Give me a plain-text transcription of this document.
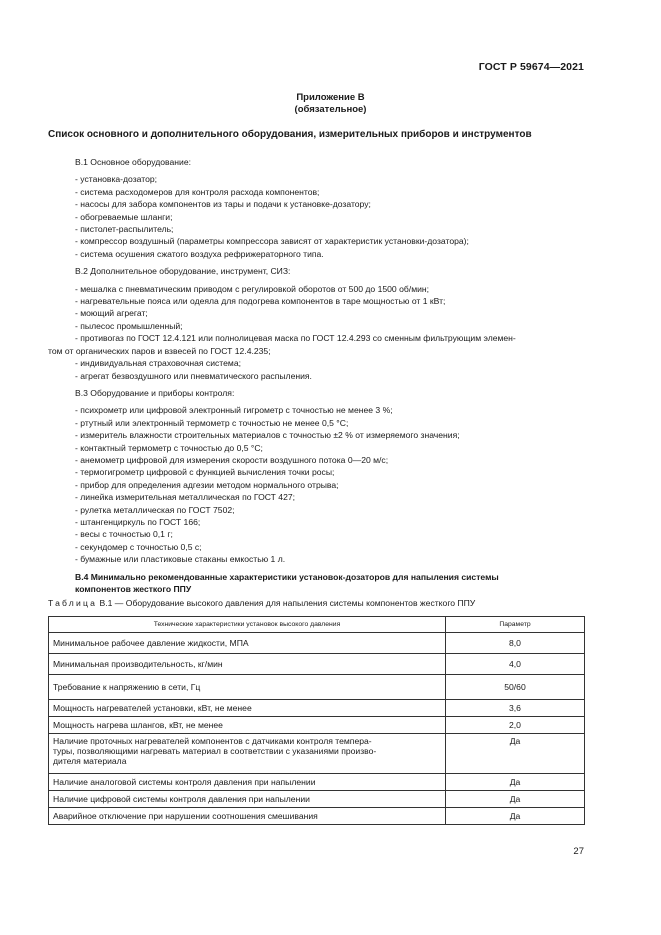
ГОСТ Р 59674—2021
Приложение В
(обязательное)
Список основного и дополнительного оборудования, измерительных приборов и инструментов

В.1 Основное оборудование:

- установка-дозатор;

- система расходомеров для контроля расхода компонентов;

- насосы для забора компонентов из тары и подачи к установке-дозатору;

- обогреваемые шланги;

- пистолет-распылитель;

- компрессор воздушный (параметры компрессора зависят от характеристик установки-дозатора);

- система осушения сжатого воздуха рефрижераторного типа.

В.2 Дополнительное оборудование, инструмент, СИЗ:

- мешалка с пневматическим приводом с регулировкой оборотов от 500 до 1500 об/мин;

- нагревательные пояса или одеяла для подогрева компонентов в таре мощностью от 1 кВт;

- моющий агрегат;

- пылесос промышленный;

- противогаз по ГОСТ 12.4.121 или полнолицевая маска по ГОСТ 12.4.293 со сменным фильтрующим элемен-

том от органических паров и взвесей по ГОСТ 12.4.235;

- индивидуальная страховочная система;

- агрегат безвоздушного или пневматического распыления.

В.3 Оборудование и приборы контроля:

- психрометр или цифровой электронный гигрометр с точностью не менее 3 %;

- ртутный или электронный термометр с точностью не менее 0,5 °С;

- измеритель влажности строительных материалов с точностью ±2 % от измеряемого значения;

- контактный термометр с точностью до 0,5 °С;

- анемометр цифровой для измерения скорости воздушного потока 0—20 м/с;

- термогигрометр цифровой с функцией вычисления точки росы;

- прибор для определения адгезии методом нормального отрыва;

- линейка измерительная металлическая по ГОСТ 427;

- рулетка металлическая по ГОСТ 7502;

- штангенциркуль по ГОСТ 166;

- весы с точностью 0,1 г;

- секундомер с точностью 0,5 с;

- бумажные или пластиковые стаканы емкостью 1 л.

В.4 Минимально рекомендованные характеристики установок-дозаторов для напыления системы

компонентов жесткого ППУ

Таблица В.1 — Оборудование высокого давления для напыления системы компонентов жесткого ППУ
Технические характеристики установок высокого давления	Параметр
Минимальное рабочее давление жидкости, МПА	8,0
Минимальная производительность, кг/мин	4,0
Требование к напряжению в сети, Гц	50/60
Мощность нагревателей установки, кВт, не менее	3,6
Мощность нагрева шлангов, кВт, не менее	2,0

Наличие проточных нагревателей компонентов с датчиками контроля темпера-
туры, позволяющими нагревать материал в соответствии с указаниями произво-
дителя материала	Да
Наличие аналоговой системы контроля давления при напылении	Да
Наличие цифровой системы контроля давления при напылении	Да
Аварийное отключение при нарушении соотношения смешивания	Да
27
